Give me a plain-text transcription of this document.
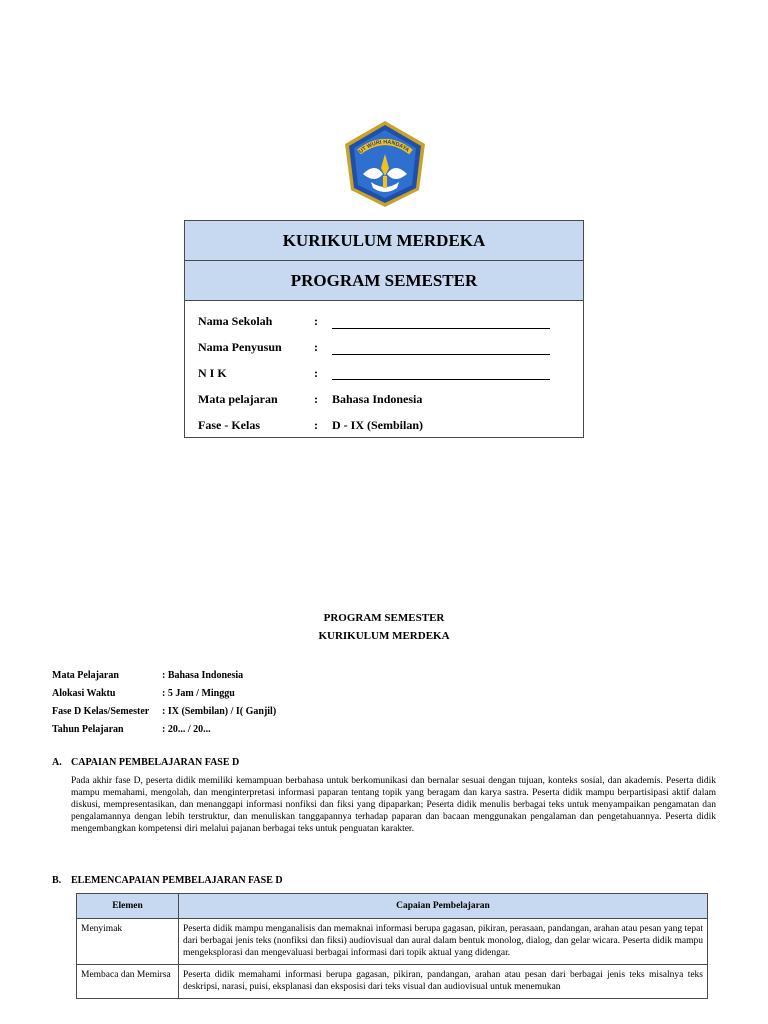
UT WURI HANDAYA
KURIKULUM MERDEKA
PROGRAM SEMESTER
Nama Sekolah	:
Nama Penyusun	:
N I K	:
Mata pelajaran	:	Bahasa Indonesia
Fase - Kelas	:	D - IX (Sembilan)
PROGRAM SEMESTER
KURIKULUM MERDEKA
Mata Pelajaran	: Bahasa Indonesia
Alokasi Waktu	: 5 Jam / Minggu
Fase D Kelas/Semester	: IX (Sembilan) / I( Ganjil)
Tahun Pelajaran	: 20... / 20...
A. CAPAIAN PEMBELAJARAN FASE D
Pada akhir fase D, peserta didik memiliki kemampuan berbahasa untuk berkomunikasi dan bernalar sesuai dengan tujuan, konteks sosial, dan akademis. Peserta didik mampu memahami, mengolah, dan menginterpretasi informasi paparan tentang topik yang beragam dan karya sastra. Peserta didik mampu berpartisipasi aktif dalam diskusi, mempresentasikan, dan menanggapi informasi nonfiksi dan fiksi yang dipaparkan; Peserta didik menulis berbagai teks untuk menyampaikan pengamatan dan pengalamannya dengan lebih terstruktur, dan menuliskan tanggapannya terhadap paparan dan bacaan menggunakan pengalaman dan pengetahuannya. Peserta didik mengembangkan kompetensi diri melalui pajanan berbagai teks untuk penguatan karakter.
B. ELEMENCAPAIAN PEMBELAJARAN FASE D
Elemen	Capaian Pembelajaran
Menyimak	Peserta didik mampu menganalisis dan memaknai informasi berupa gagasan, pikiran, perasaan, pandangan, arahan atau pesan yang tepat dari berbagai jenis teks (nonfiksi dan fiksi) audiovisual dan aural dalam bentuk monolog, dialog, dan gelar wicara. Peserta didik mampu mengeksplorasi dan mengevaluasi berbagai informasi dari topik aktual yang didengar.
Membaca dan Memirsa	Peserta didik memahami informasi berupa gagasan, pikiran, pandangan, arahan atau pesan dari berbagai jenis teks misalnya teks deskripsi, narasi, puisi, eksplanasi dan eksposisi dari teks visual dan audiovisual untuk menemukan
